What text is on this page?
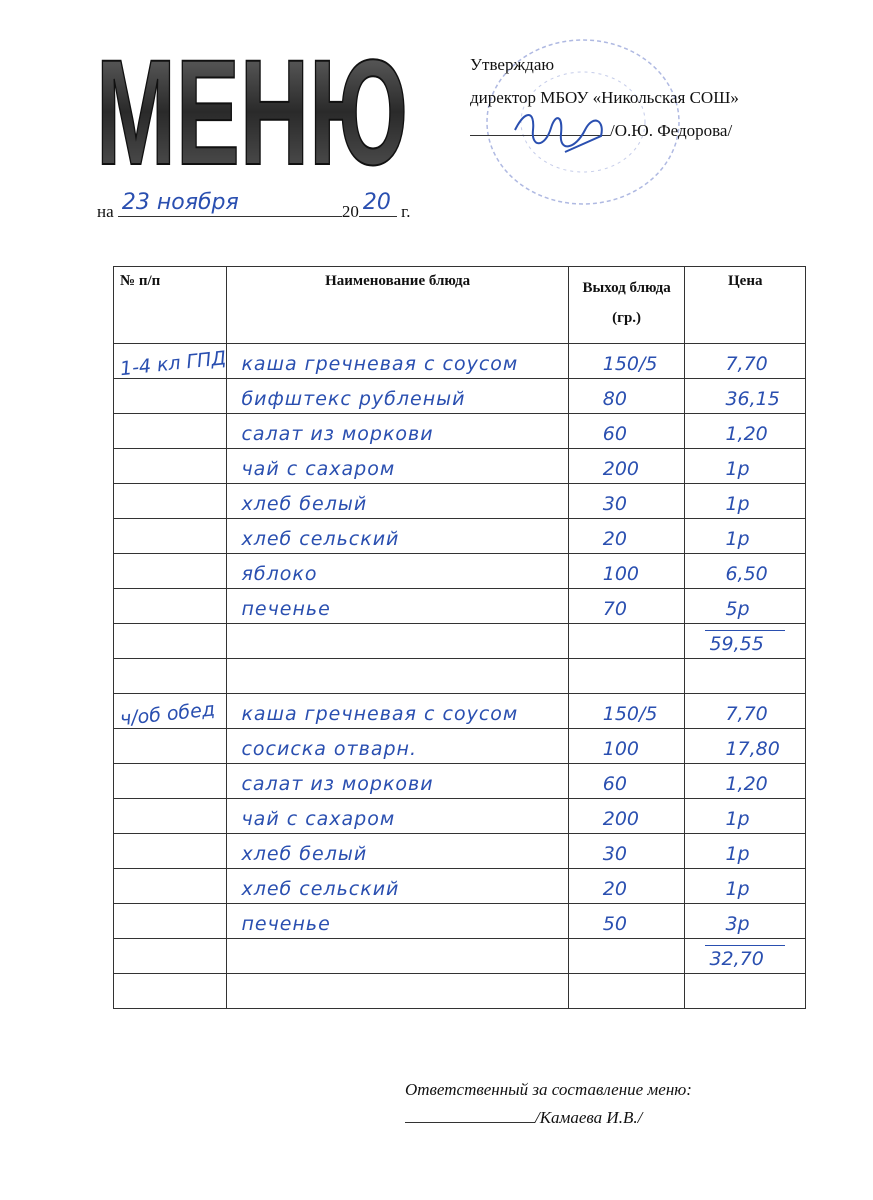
МЕНЮ	Утверждаю
директор МБОУ «Никольская СОШ»
/О.Ю. Федорова/
на 23 ноября	20 20 г.
№ п/п	Наименование блюда	Выход блюда (гр.)	Цена

1-4 кл ГПД	каша гречневая с соусом	150/5	7,70

	бифштекс рубленый	80	36,15

	салат из моркови	60	1,20

	чай с сахаром	200	1р

	хлеб белый	30	1р

	хлеб сельский	20	1р

	яблоко	100	6,50

	печенье	70	5р

			59,55

ч/об обед	каша гречневая с соусом	150/5	7,70

	сосиска отварн.	100	17,80

	салат из моркови	60	1,20

	чай с сахаром	200	1р

	хлеб белый	30	1р

	хлеб сельский	20	1р

	печенье	50	3р

			32,70

Ответственный за составление меню:
/Камаева И.В./
